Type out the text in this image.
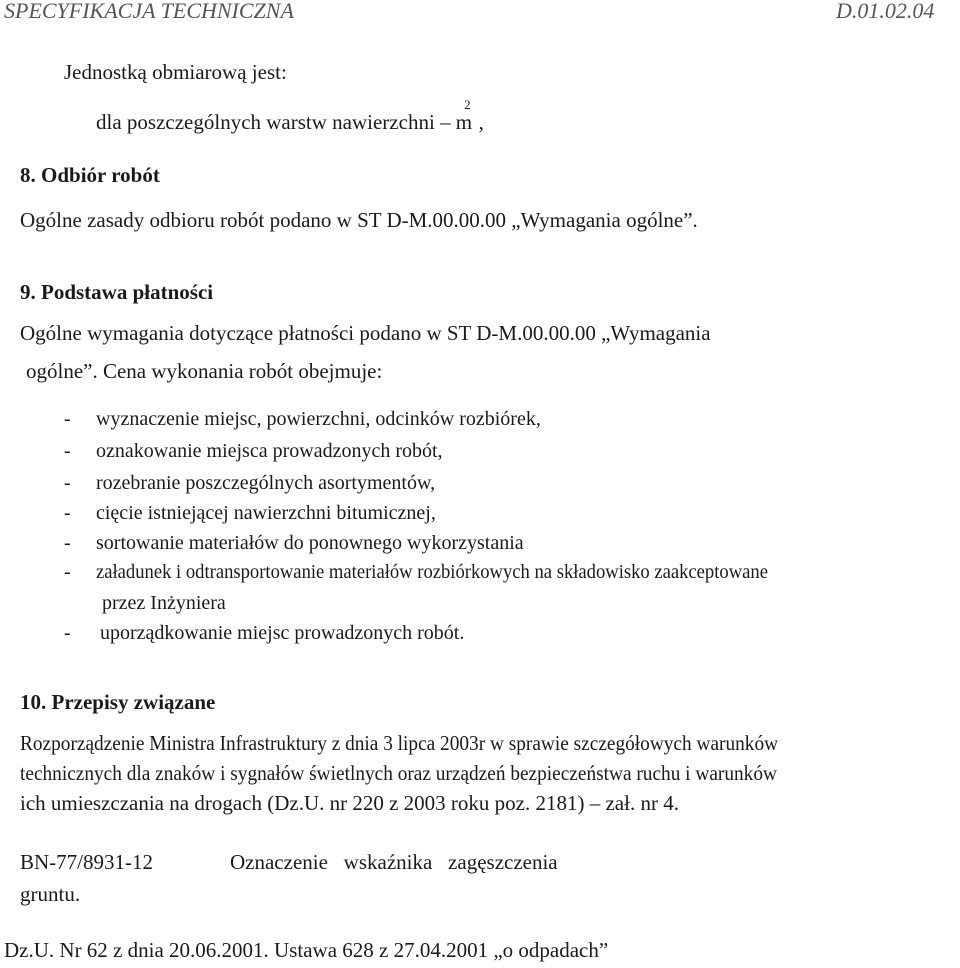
SPECYFIKACJA TECHNICZNA	D.01.02.04
Jednostką obmiarową jest:
dla poszczególnych warstw nawierzchni – $m^2$,
8. Odbiór robót
Ogólne zasady odbioru robót podano w ST D-M.00.00.00 „Wymagania ogólne”.
9. Podstawa płatności
Ogólne wymagania dotyczące płatności podano w ST D-M.00.00.00 „Wymagania
ogólne”. Cena wykonania robót obejmuje:
- wyznaczenie miejsc, powierzchni, odcinków rozbiórek,
- oznakowanie miejsca prowadzonych robót,
- rozebranie poszczególnych asortymentów,
- cięcie istniejącej nawierzchni bitumicznej,
- sortowanie materiałów do ponownego wykorzystania
- załadunek i odtransportowanie materiałów rozbiórkowych na składowisko zaakceptowane
przez Inżyniera
- uporządkowanie miejsc prowadzonych robót.
10. Przepisy związane
Rozporządzenie Ministra Infrastruktury z dnia 3 lipca 2003r w sprawie szczegółowych warunków
technicznych dla znaków i sygnałów świetlnych oraz urządzeń bezpieczeństwa ruchu i warunków
ich umieszczania na drogach (Dz.U. nr 220 z 2003 roku poz. 2181) – zał. nr 4.
BN-77/8931-12	Oznaczenie   wskaźnika   zagęszczenia
gruntu.
Dz.U. Nr 62 z dnia 20.06.2001. Ustawa 628 z 27.04.2001 „o odpadach”
